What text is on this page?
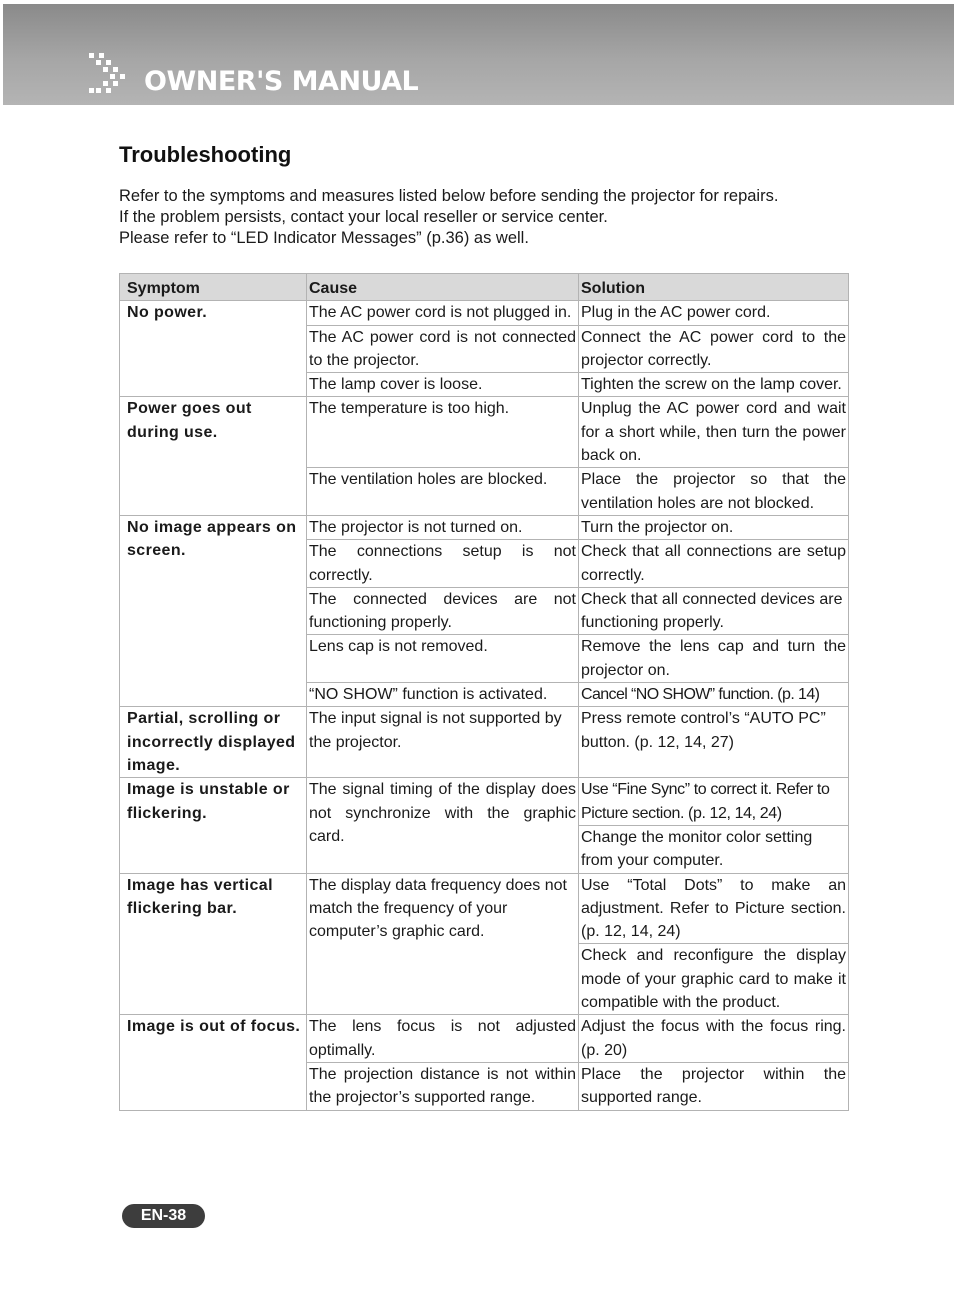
OWNER'S MANUAL
Troubleshooting
Refer to the symptoms and measures listed below before sending the projector for repairs.
If the problem persists, contact your local reseller or service center.
Please refer to “LED Indicator Messages” (p.36) as well.
Symptom	Cause	Solution
No power.	The AC power cord is not plugged in.	Plug in the AC power cord.
	The AC power cord is not connected to the projector.	Connect the AC power cord to the projector correctly.
	The lamp cover is loose.	Tighten the screw on the lamp cover.
Power goes out during use.	The temperature is too high.	Unplug the AC power cord and wait for a short while, then turn the power back on.
	The ventilation holes are blocked.	Place the projector so that the ventilation holes are not blocked.
No image appears on screen.	The projector is not turned on.	Turn the projector on.
	The connections setup is not correctly.	Check that all connections are setup correctly.
	The connected devices are not functioning properly.	Check that all connected devices are functioning properly.
	Lens cap is not removed.	Remove the lens cap and turn the projector on.
	“NO SHOW” function is activated.	Cancel “NO SHOW” function. (p. 14)
Partial, scrolling or incorrectly displayed image.	The input signal is not supported by the projector.	Press remote control’s “AUTO PC” button. (p. 12, 14, 27)
Image is unstable or flickering.	The signal timing of the display does not synchronize with the graphic card.	Use “Fine Sync” to correct it. Refer to Picture section. (p. 12, 14, 24)
		Change the monitor color setting from your computer.
Image has vertical flickering bar.	The display data frequency does not match the frequency of your computer’s graphic card.	Use “Total Dots” to make an adjustment. Refer to Picture section. (p. 12, 14, 24)
		Check and reconfigure the display mode of your graphic card to make it compatible with the product.
Image is out of focus.	The lens focus is not adjusted optimally.	Adjust the focus with the focus ring. (p. 20)
	The projection distance is not within the projector’s supported range.	Place the projector within the supported range.
EN-38
